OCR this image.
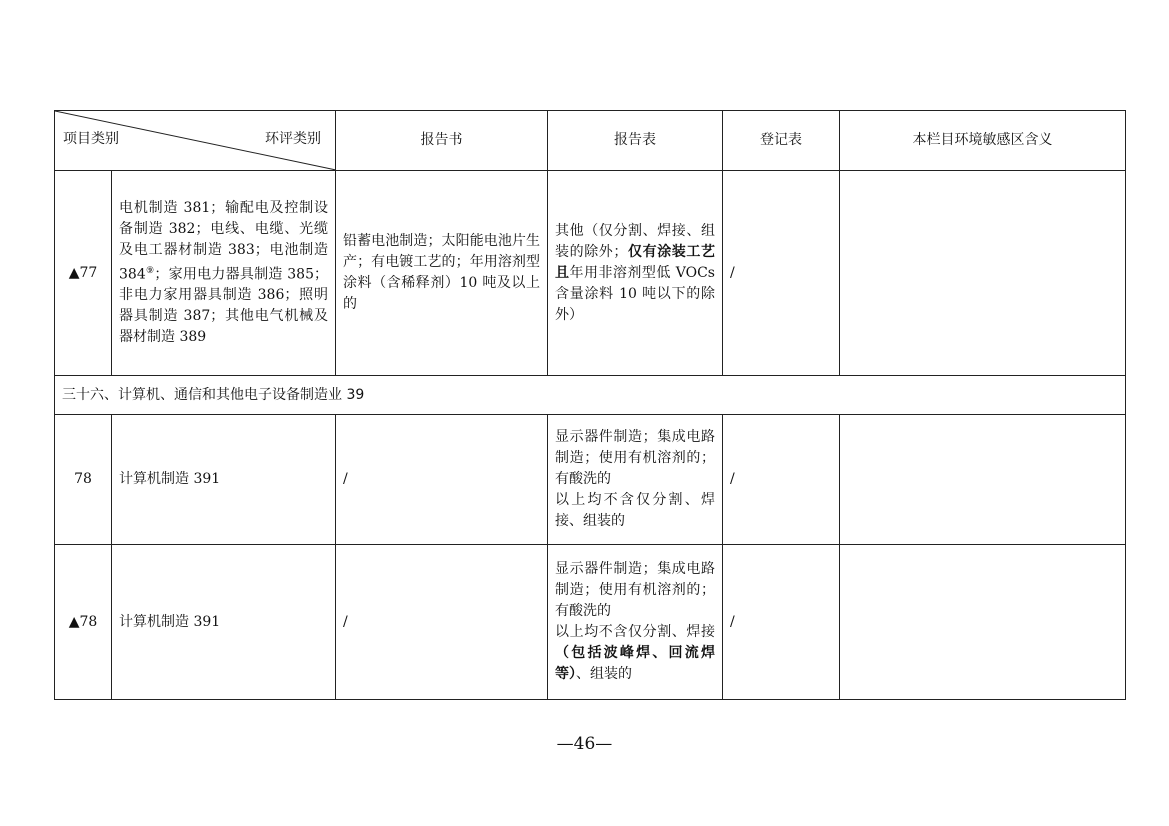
项目类别 环评类别		报告书	报告表	登记表	本栏目环境敏感区含义
▲77	电机制造 381；输配电及控制设备制造 382；电线、电缆、光缆及电工器材制造 383；电池制造 384⑨；家用电力器具制造 385；非电力家用器具制造 386；照明器具制造 387；其他电气机械及器材制造 389	铅蓄电池制造；太阳能电池片生产；有电镀工艺的；年用溶剂型涂料（含稀释剂）10 吨及以上的	其他（仅分割、焊接、组装的除外；仅有涂装工艺且年用非溶剂型低 VOCs 含量涂料 10 吨以下的除外）	/	
三十六、计算机、通信和其他电子设备制造业 39					
78	计算机制造 391	/	显示器件制造；集成电路制造；使用有机溶剂的；有酸洗的
以上均不含仅分割、焊接、组装的	/	
▲78	计算机制造 391	/	显示器件制造；集成电路制造；使用有机溶剂的；有酸洗的
以上均不含仅分割、焊接（包括波峰焊、回流焊等）、组装的	/	
—46—
